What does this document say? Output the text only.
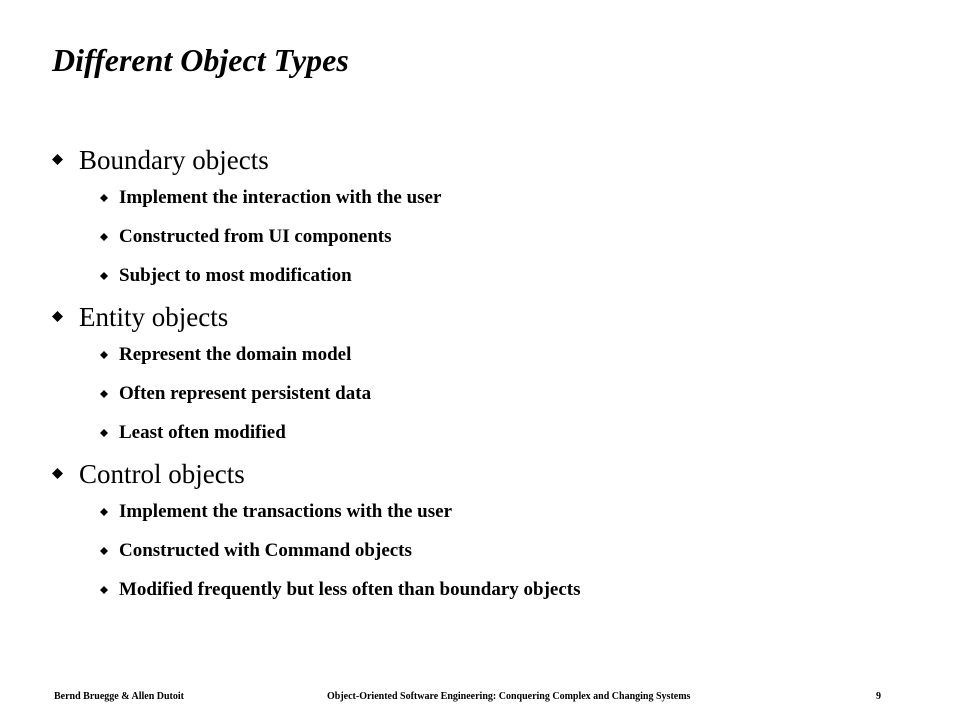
Different Object Types
Boundary objects
Implement the interaction with the user
Constructed from UI components
Subject to most modification
Entity objects
Represent the domain model
Often represent persistent data
Least often modified
Control objects
Implement the transactions with the user
Constructed with Command objects
Modified frequently but less often than boundary objects
Bernd Bruegge & Allen Dutoit	Object-Oriented Software Engineering: Conquering Complex and Changing Systems	9
